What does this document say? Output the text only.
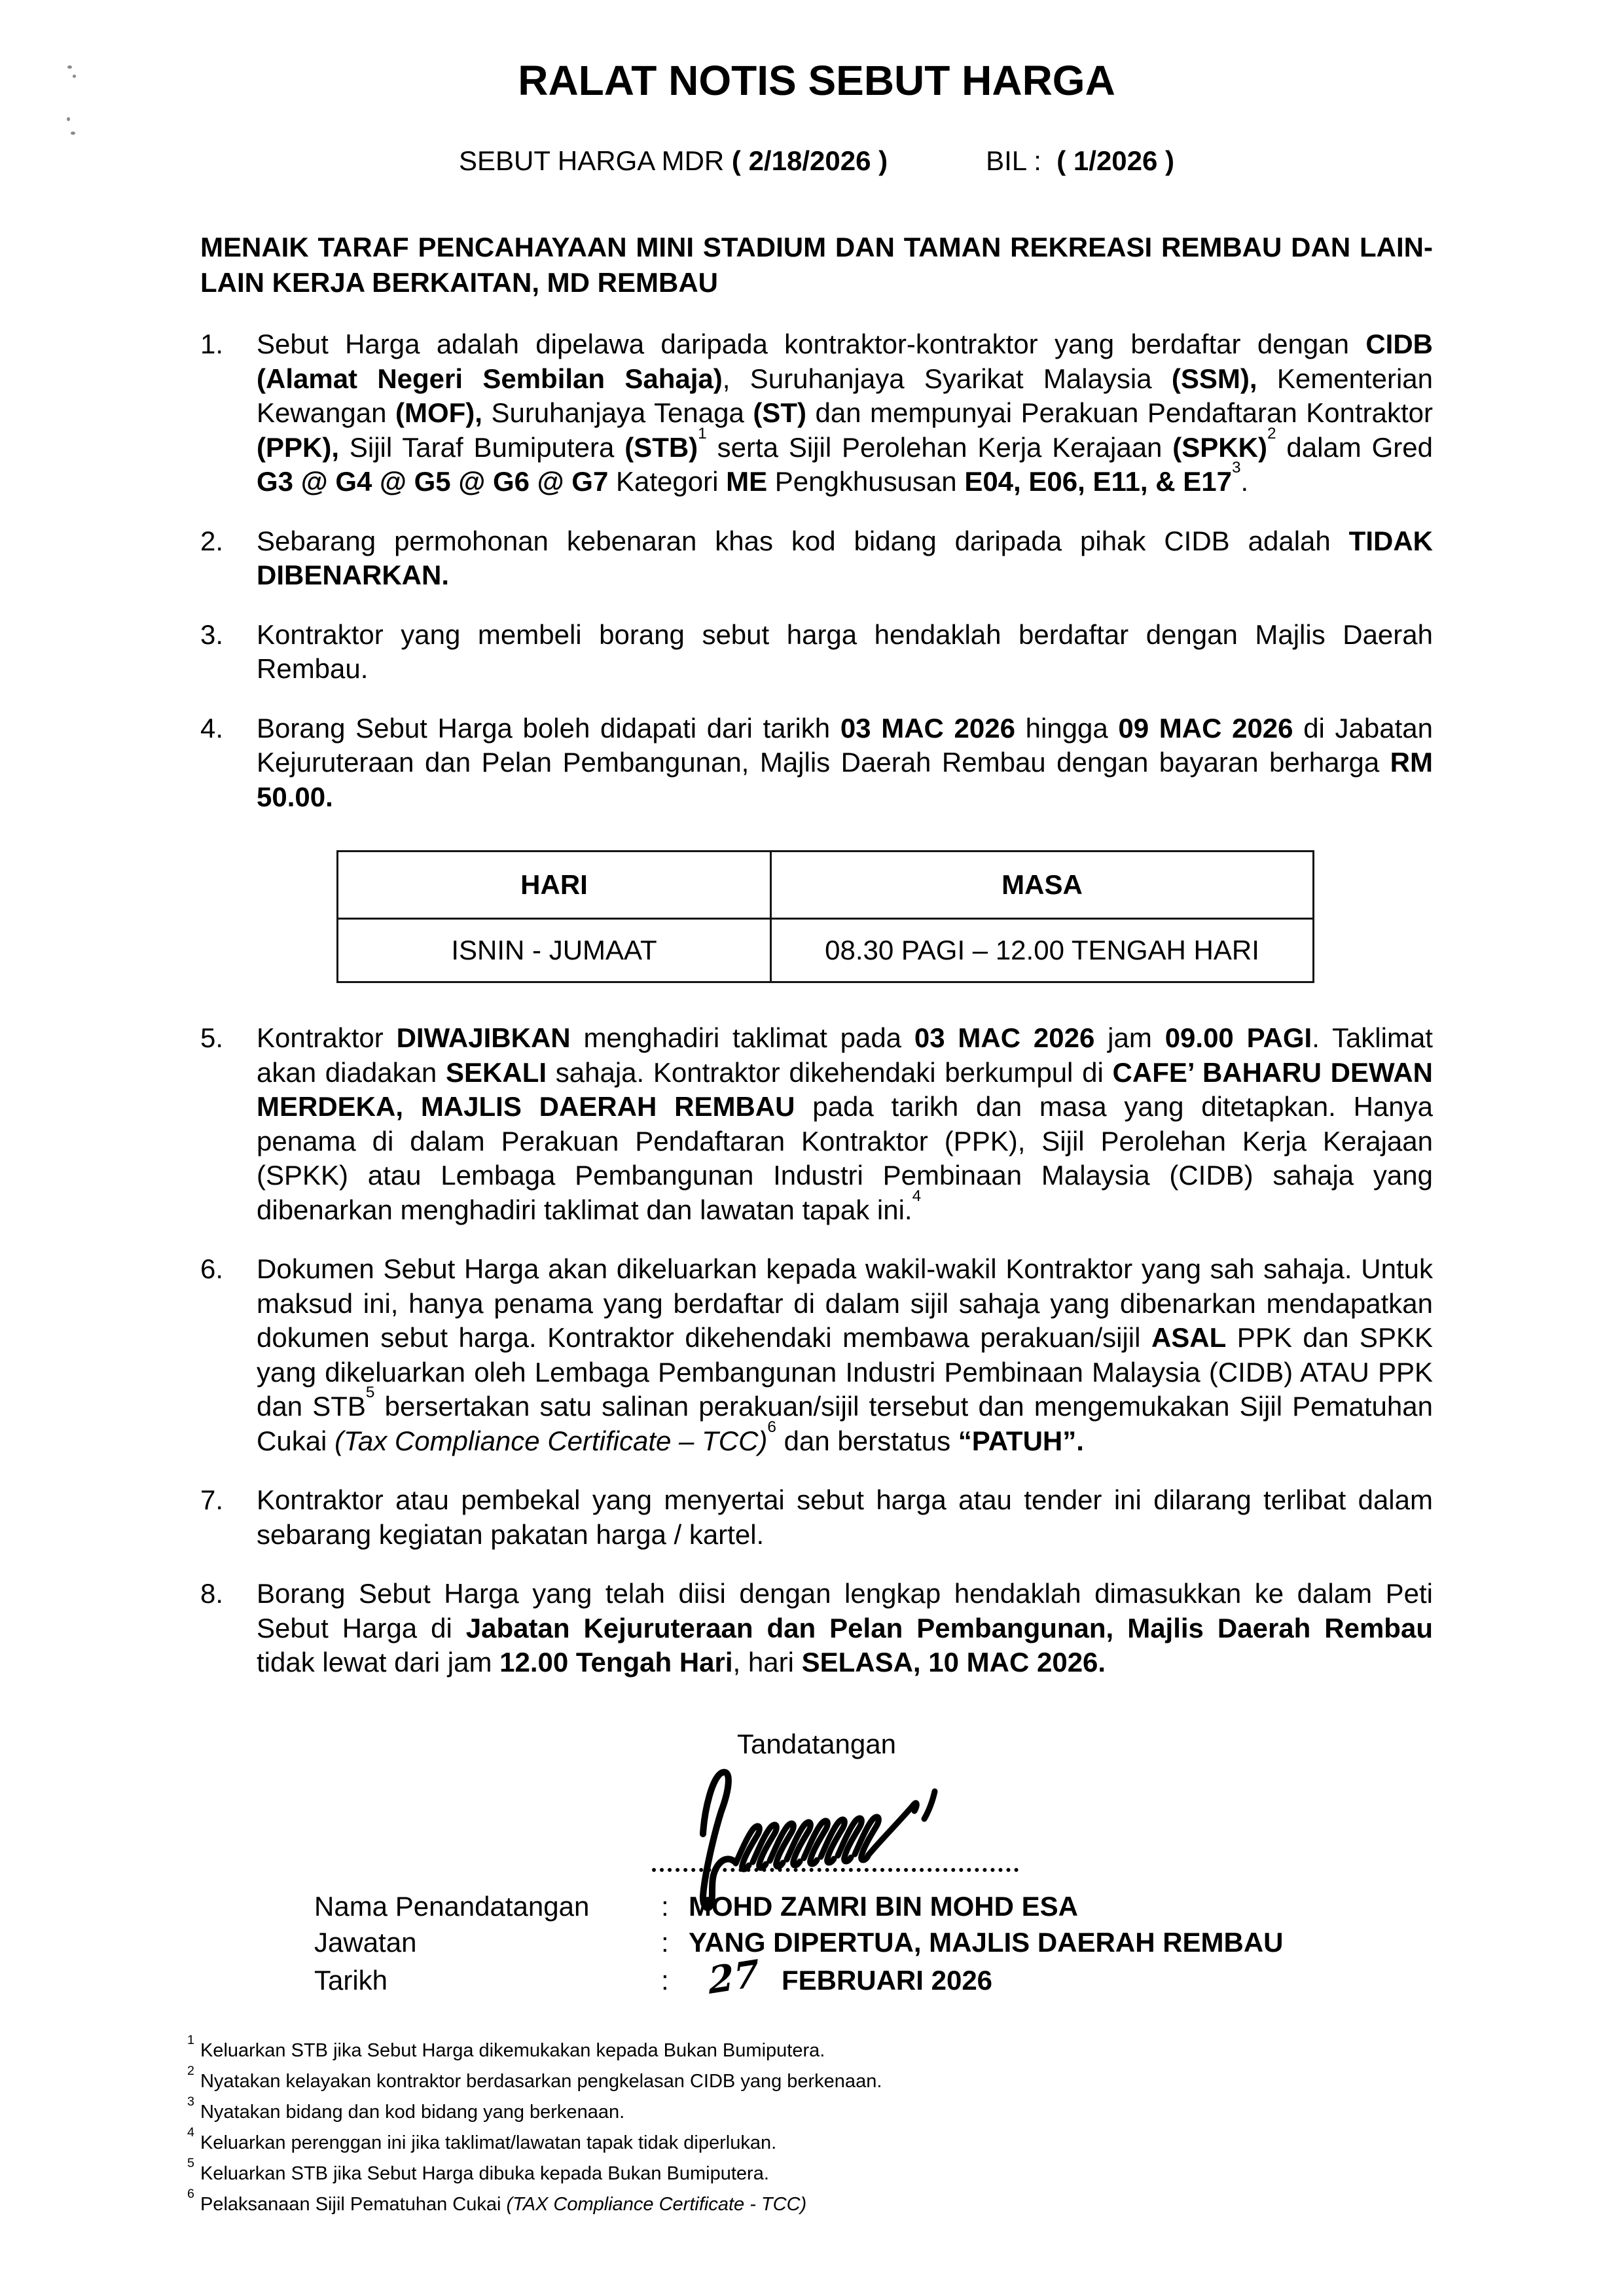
RALAT NOTIS SEBUT HARGA
SEBUT HARGA MDR ( 2/18/2026 )	BIL :  ( 1/2026 )
MENAIK TARAF PENCAHAYAAN MINI STADIUM DAN TAMAN REKREASI REMBAU DAN LAIN-LAIN KERJA BERKAITAN, MD REMBAU
1.	Sebut Harga adalah dipelawa daripada kontraktor-kontraktor yang berdaftar dengan CIDB (Alamat Negeri Sembilan Sahaja), Suruhanjaya Syarikat Malaysia (SSM), Kementerian Kewangan (MOF), Suruhanjaya Tenaga (ST) dan mempunyai Perakuan Pendaftaran Kontraktor (PPK), Sijil Taraf Bumiputera (STB)$^1$ serta Sijil Perolehan Kerja Kerajaan (SPKK)$^2$ dalam Gred G3 @ G4 @ G5 @ G6 @ G7 Kategori ME Pengkhususan E04, E06, E11, & $E17^3$.
2.	Sebarang permohonan kebenaran khas kod bidang daripada pihak CIDB adalah TIDAK DIBENARKAN.
3.	Kontraktor yang membeli borang sebut harga hendaklah berdaftar dengan Majlis Daerah Rembau.
4.	Borang Sebut Harga boleh didapati dari tarikh 03 MAC 2026 hingga 09 MAC 2026 di Jabatan Kejuruteraan dan Pelan Pembangunan, Majlis Daerah Rembau dengan bayaran berharga RM 50.00.
HARI	MASA
ISNIN - JUMAAT	08.30 PAGI – 12.00 TENGAH HARI
5.	Kontraktor DIWAJIBKAN menghadiri taklimat pada 03 MAC 2026 jam 09.00 PAGI. Taklimat akan diadakan SEKALI sahaja. Kontraktor dikehendaki berkumpul di CAFE’ BAHARU DEWAN MERDEKA, MAJLIS DAERAH REMBAU pada tarikh dan masa yang ditetapkan. Hanya penama di dalam Perakuan Pendaftaran Kontraktor (PPK), Sijil Perolehan Kerja Kerajaan (SPKK) atau Lembaga Pembangunan Industri Pembinaan Malaysia (CIDB) sahaja yang dibenarkan menghadiri taklimat dan lawatan tapak ini.$^4$
6.	Dokumen Sebut Harga akan dikeluarkan kepada wakil-wakil Kontraktor yang sah sahaja. Untuk maksud ini, hanya penama yang berdaftar di dalam sijil sahaja yang dibenarkan mendapatkan dokumen sebut harga. Kontraktor dikehendaki membawa perakuan/sijil ASAL PPK dan SPKK yang dikeluarkan oleh Lembaga Pembangunan Industri Pembinaan Malaysia (CIDB) ATAU PPK dan STB$^5$ bersertakan satu salinan perakuan/sijil tersebut dan mengemukakan Sijil Pematuhan Cukai (Tax Compliance Certificate – TCC)$^6$ dan berstatus “PATUH”.
7.	Kontraktor atau pembekal yang menyertai sebut harga atau tender ini dilarang terlibat dalam sebarang kegiatan pakatan harga / kartel.
8.	Borang Sebut Harga yang telah diisi dengan lengkap hendaklah dimasukkan ke dalam Peti Sebut Harga di Jabatan Kejuruteraan dan Pelan Pembangunan, Majlis Daerah Rembau tidak lewat dari jam 12.00 Tengah Hari, hari SELASA, 10 MAC 2026.
Tandatangan
Nama Penandatangan	: MOHD ZAMRI BIN MOHD ESA
Jawatan	: YANG DIPERTUA, MAJLIS DAERAH REMBAU
Tarikh	:	27 FEBRUARI 2026
$^1$Keluarkan STB jika Sebut Harga dikemukakan kepada Bukan Bumiputera.
$^2$Nyatakan kelayakan kontraktor berdasarkan pengkelasan CIDB yang berkenaan.
$^3$Nyatakan bidang dan kod bidang yang berkenaan.
$^4$Keluarkan perenggan ini jika taklimat/lawatan tapak tidak diperlukan.
$^5$Keluarkan STB jika Sebut Harga dibuka kepada Bukan Bumiputera.
$^6$Pelaksanaan Sijil Pematuhan Cukai (TAX Compliance Certificate - TCC)
